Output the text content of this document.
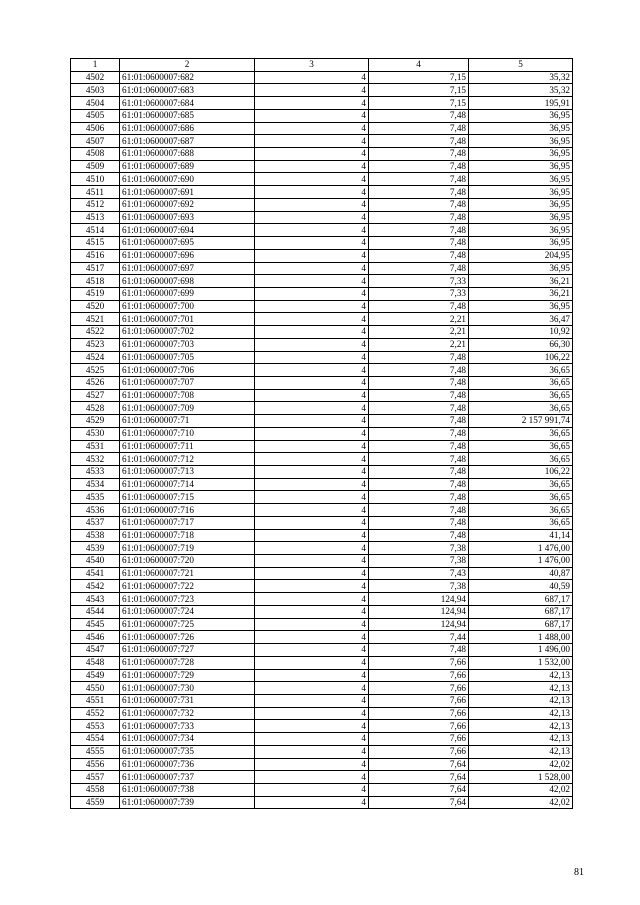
1	2	3	4	5
4502	61:01:0600007:682	4	7,15	35,32
4503	61:01:0600007:683	4	7,15	35,32
4504	61:01:0600007:684	4	7,15	195,91
4505	61:01:0600007:685	4	7,48	36,95
4506	61:01:0600007:686	4	7,48	36,95
4507	61:01:0600007:687	4	7,48	36,95
4508	61:01:0600007:688	4	7,48	36,95
4509	61:01:0600007:689	4	7,48	36,95
4510	61:01:0600007:690	4	7,48	36,95
4511	61:01:0600007:691	4	7,48	36,95
4512	61:01:0600007:692	4	7,48	36,95
4513	61:01:0600007:693	4	7,48	36,95
4514	61:01:0600007:694	4	7,48	36,95
4515	61:01:0600007:695	4	7,48	36,95
4516	61:01:0600007:696	4	7,48	204,95
4517	61:01:0600007:697	4	7,48	36,95
4518	61:01:0600007:698	4	7,33	36,21
4519	61:01:0600007:699	4	7,33	36,21
4520	61:01:0600007:700	4	7,48	36,95
4521	61:01:0600007:701	4	2,21	36,47
4522	61:01:0600007:702	4	2,21	10,92
4523	61:01:0600007:703	4	2,21	66,30
4524	61:01:0600007:705	4	7,48	106,22
4525	61:01:0600007:706	4	7,48	36,65
4526	61:01:0600007:707	4	7,48	36,65
4527	61:01:0600007:708	4	7,48	36,65
4528	61:01:0600007:709	4	7,48	36,65
4529	61:01:0600007:71	4	7,48	2 157 991,74
4530	61:01:0600007:710	4	7,48	36,65
4531	61:01:0600007:711	4	7,48	36,65
4532	61:01:0600007:712	4	7,48	36,65
4533	61:01:0600007:713	4	7,48	106,22
4534	61:01:0600007:714	4	7,48	36,65
4535	61:01:0600007:715	4	7,48	36,65
4536	61:01:0600007:716	4	7,48	36,65
4537	61:01:0600007:717	4	7,48	36,65
4538	61:01:0600007:718	4	7,48	41,14
4539	61:01:0600007:719	4	7,38	1 476,00
4540	61:01:0600007:720	4	7,38	1 476,00
4541	61:01:0600007:721	4	7,43	40,87
4542	61:01:0600007:722	4	7,38	40,59
4543	61:01:0600007:723	4	124,94	687,17
4544	61:01:0600007:724	4	124,94	687,17
4545	61:01:0600007:725	4	124,94	687,17
4546	61:01:0600007:726	4	7,44	1 488,00
4547	61:01:0600007:727	4	7,48	1 496,00
4548	61:01:0600007:728	4	7,66	1 532,00
4549	61:01:0600007:729	4	7,66	42,13
4550	61:01:0600007:730	4	7,66	42,13
4551	61:01:0600007:731	4	7,66	42,13
4552	61:01:0600007:732	4	7,66	42,13
4553	61:01:0600007:733	4	7,66	42,13
4554	61:01:0600007:734	4	7,66	42,13
4555	61:01:0600007:735	4	7,66	42,13
4556	61:01:0600007:736	4	7,64	42,02
4557	61:01:0600007:737	4	7,64	1 528,00
4558	61:01:0600007:738	4	7,64	42,02
4559	61:01:0600007:739	4	7,64	42,02
81
